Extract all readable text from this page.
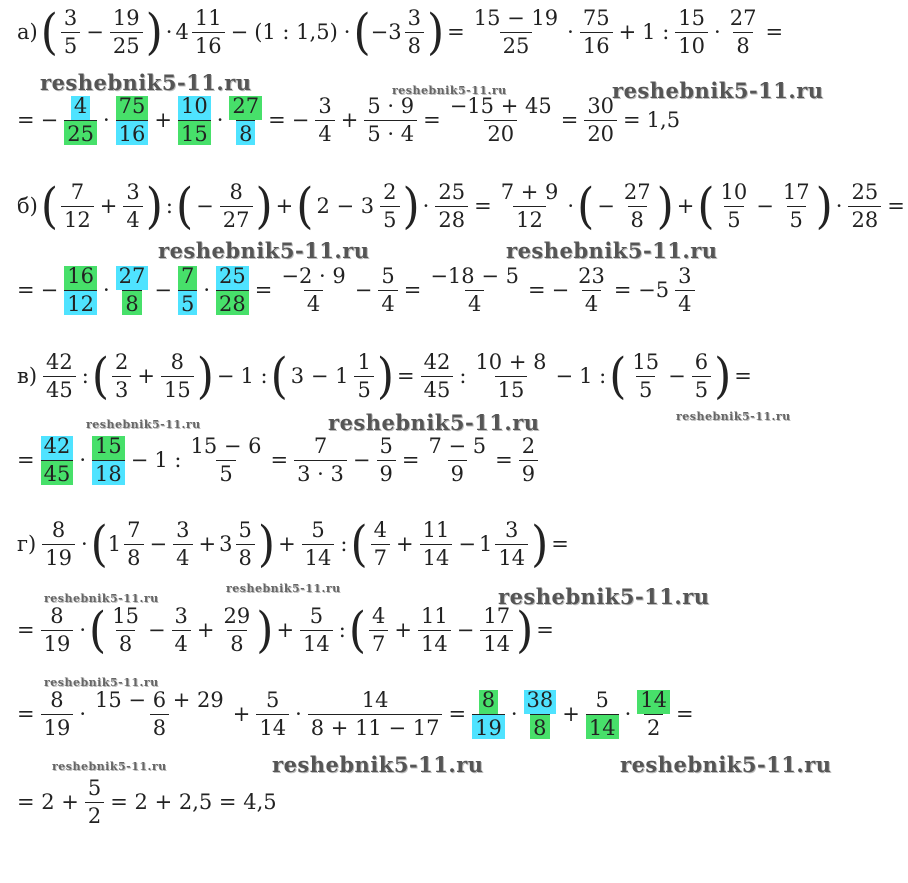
а) ( $\frac{3}{5} - \frac{19}{25}$ ) · $4 \frac{11}{16} - (1$ : 1,5) · ( $-3 \frac{3}{8}$ ) = $\frac{15 - 19}{25} \cdot \frac{75}{16} + 1$ : $\frac{15}{10} \cdot \frac{27}{8}$ =
= − $\frac{4}{25} \cdot \frac{75}{16} + \frac{10}{15} \cdot \frac{27}{8}$ = − $\frac{3}{4} + \frac{5 \cdot 9}{5 \cdot 4} = \frac{-15 + 45}{20} = \frac{30}{20} = 1,5$
б) ( $\frac{7}{12} + \frac{3}{4}$ ) : ( − $\frac{8}{27}$ ) + ( $2 - 3 \frac{2}{5}$ ) · $\frac{25}{28} = \frac{7 + 9}{12}$ · ( − $\frac{27}{8}$ ) + ( $\frac{10}{5} - \frac{17}{5}$ ) · $\frac{25}{28}$ =
= − $\frac{16}{12} \cdot \frac{27}{8} - \frac{7}{5} \cdot \frac{25}{28} = \frac{-2 \cdot 9}{4} - \frac{5}{4} = \frac{-18 - 5}{4}$ = − $\frac{23}{4} = -5 \frac{3}{4}$
$в) \frac{42}{45}$ : ( $\frac{2}{3} + \frac{8}{15}$ ) − 1 : ( $3 - 1 \frac{1}{5}$ ) = $\frac{42}{45}$ : $\frac{10 + 8}{15} - 1$ : ( $\frac{15}{5} - \frac{6}{5}$ ) =
= $\frac{42}{45} \cdot \frac{15}{18} - 1$ : $\frac{15 - 6}{5} = \frac{7}{3 \cdot 3} - \frac{5}{9} = \frac{7 - 5}{9} = \frac{2}{9}$
$г) \frac{8}{19}$ · ( $1 \frac{7}{8} - \frac{3}{4} + 3 \frac{5}{8}$ ) + $\frac{5}{14}$ : ( $\frac{4}{7} + \frac{11}{14} - 1 \frac{3}{14}$ ) =
= $\frac{8}{19}$ · ( $\frac{15}{8} - \frac{3}{4} + \frac{29}{8}$ ) + $\frac{5}{14}$ : ( $\frac{4}{7} + \frac{11}{14} - \frac{17}{14}$ ) =
= $\frac{8}{19} \cdot \frac{15 - 6 + 29}{8} + \frac{5}{14} \cdot \frac{14}{8 + 11 - 17} = \frac{8}{19} \cdot \frac{38}{8} + \frac{5}{14} \cdot \frac{14}{2}$ =
= $2 + \frac{5}{2} = 2 + 2,5 = 4,5$
reshebnik5-11.ru	reshebnik5-11.ru	reshebnik5-11.ru
reshebnik5-11.ru	reshebnik5-11.ru
reshebnik5-11.ru	reshebnik5-11.ru	reshebnik5-11.ru
reshebnik5-11.ru
reshebnik5-11.ru	reshebnik5-11.ru
reshebnik5-11.ru
reshebnik5-11.ru	reshebnik5-11.ru
reshebnik5-11.ru
